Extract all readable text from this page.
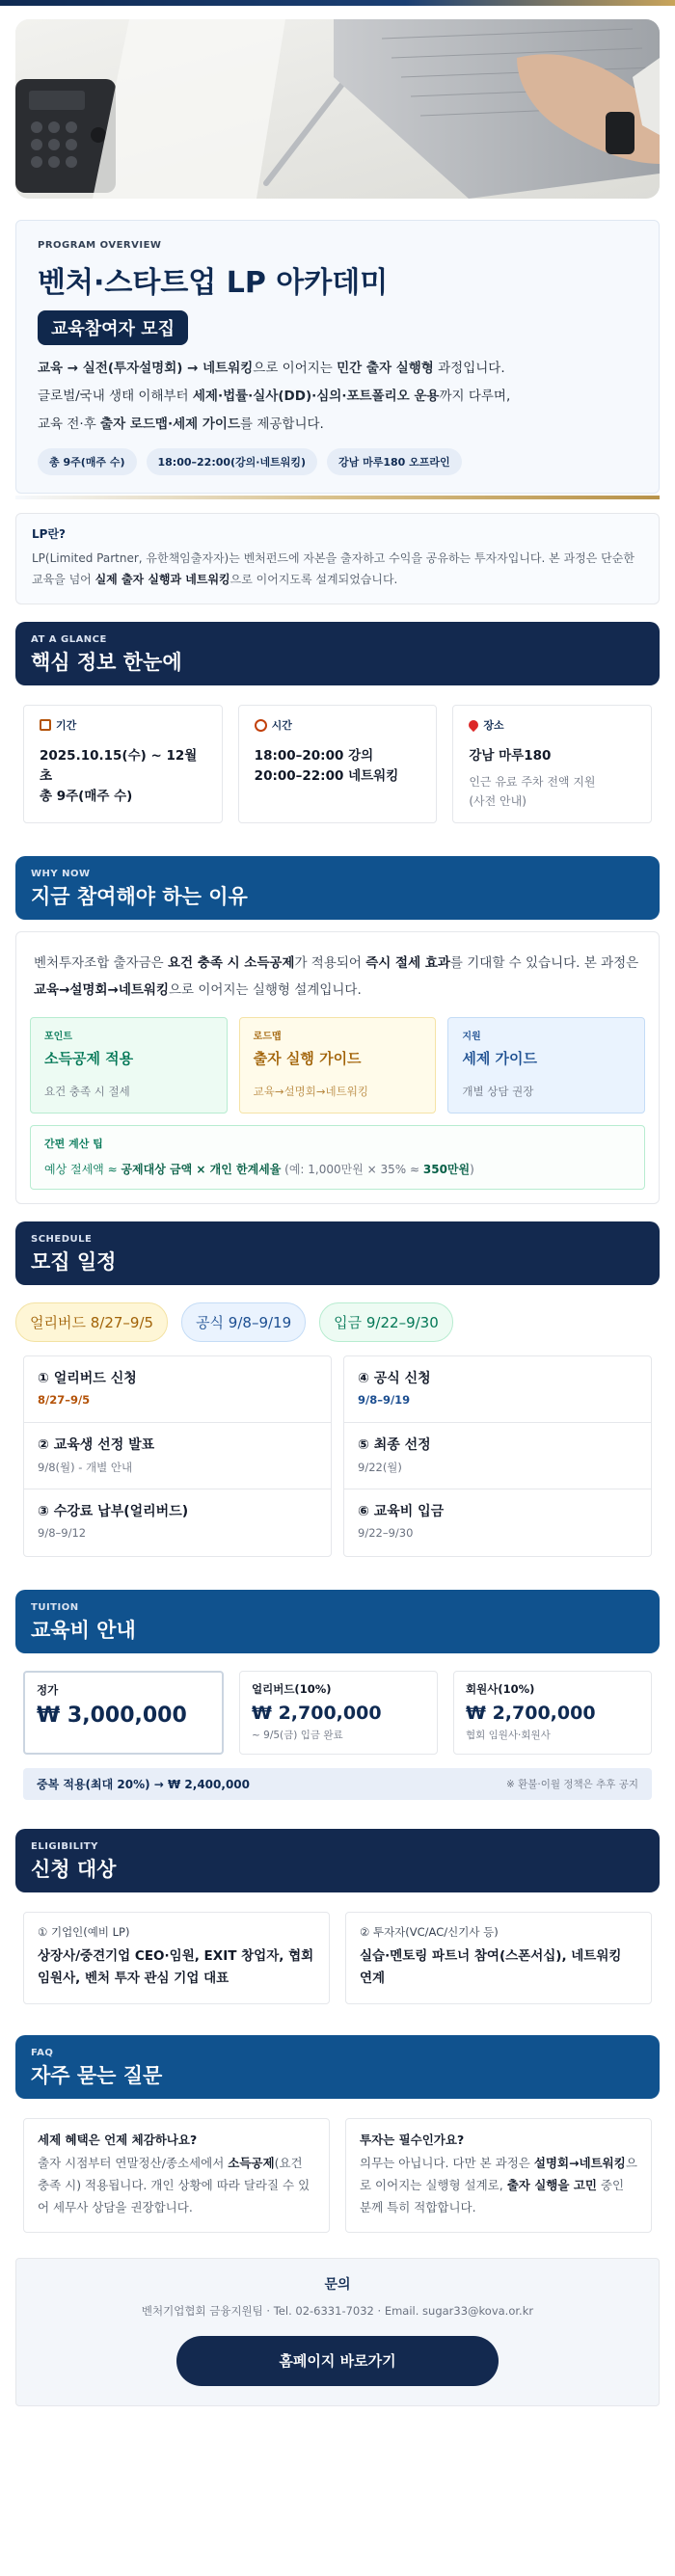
PROGRAM OVERVIEW
벤처·스타트업 LP 아카데미
교육참여자 모집
교육 → 실전(투자설명회) → 네트워킹으로 이어지는 민간 출자 실행형 과정입니다.
글로벌/국내 생태 이해부터 세제·법률·실사(DD)·심의·포트폴리오 운용까지 다루며,
교육 전·후 출자 로드맵·세제 가이드를 제공합니다.
총 9주(매주 수)	18:00–22:00(강의·네트워킹)	강남 마루180 오프라인
LP란?
LP(Limited Partner, 유한책임출자자)는 벤처펀드에 자본을 출자하고 수익을 공유하는 투자자입니다. 본 과정은 단순한 교육을 넘어 실제 출자 실행과 네트워킹으로 이어지도록 설계되었습니다.
AT A GLANCE
핵심 정보 한눈에
기간
2025.10.15(수) ~ 12월 초
총 9주(매주 수)
시간
18:00–20:00 강의
20:00–22:00 네트워킹
장소
강남 마루180
인근 유료 주차 전액 지원
(사전 안내)
WHY NOW
지금 참여해야 하는 이유
벤처투자조합 출자금은 요건 충족 시 소득공제가 적용되어 즉시 절세 효과를 기대할 수 있습니다. 본 과정은 교육→설명회→네트워킹으로 이어지는 실행형 설계입니다.
포인트
소득공제 적용
요건 충족 시 절세
로드맵
출자 실행 가이드
교육→설명회→네트워킹
지원
세제 가이드
개별 상담 권장
간편 계산 팁
예상 절세액 ≈ 공제대상 금액 × 개인 한계세율 (예: 1,000만원 × 35% ≈ 350만원)
SCHEDULE
모집 일정
얼리버드 8/27–9/5	공식 9/8–9/19	입금 9/22–9/30
① 얼리버드 신청
8/27–9/5
② 교육생 선정 발표
9/8(월) - 개별 안내
③ 수강료 납부(얼리버드)
9/8–9/12
④ 공식 신청
9/8–9/19
⑤ 최종 선정
9/22(월)
⑥ 교육비 입금
9/22–9/30
TUITION
교육비 안내
정가
₩ 3,000,000
얼리버드(10%)
₩ 2,700,000
~ 9/5(금) 입금 완료
회원사(10%)
₩ 2,700,000
협회 임원사·회원사
중복 적용(최대 20%) → ₩ 2,400,000	※ 환불·이월 정책은 추후 공지
ELIGIBILITY
신청 대상
① 기업인(예비 LP)
상장사/중견기업 CEO·임원, EXIT 창업자, 협회 임원사, 벤처 투자 관심 기업 대표
② 투자자(VC/AC/신기사 등)
실습·멘토링 파트너 참여(스폰서십), 네트워킹 연계
FAQ
자주 묻는 질문
세제 혜택은 언제 체감하나요?
출자 시점부터 연말정산/종소세에서 소득공제(요건 충족 시) 적용됩니다. 개인 상황에 따라 달라질 수 있어 세무사 상담을 권장합니다.
투자는 필수인가요?
의무는 아닙니다. 다만 본 과정은 설명회→네트워킹으로 이어지는 실행형 설계로, 출자 실행을 고민 중인 분께 특히 적합합니다.
문의
벤처기업협회 금융지원팀 · Tel. 02-6331-7032 · Email. sugar33@kova.or.kr
홈페이지 바로가기
